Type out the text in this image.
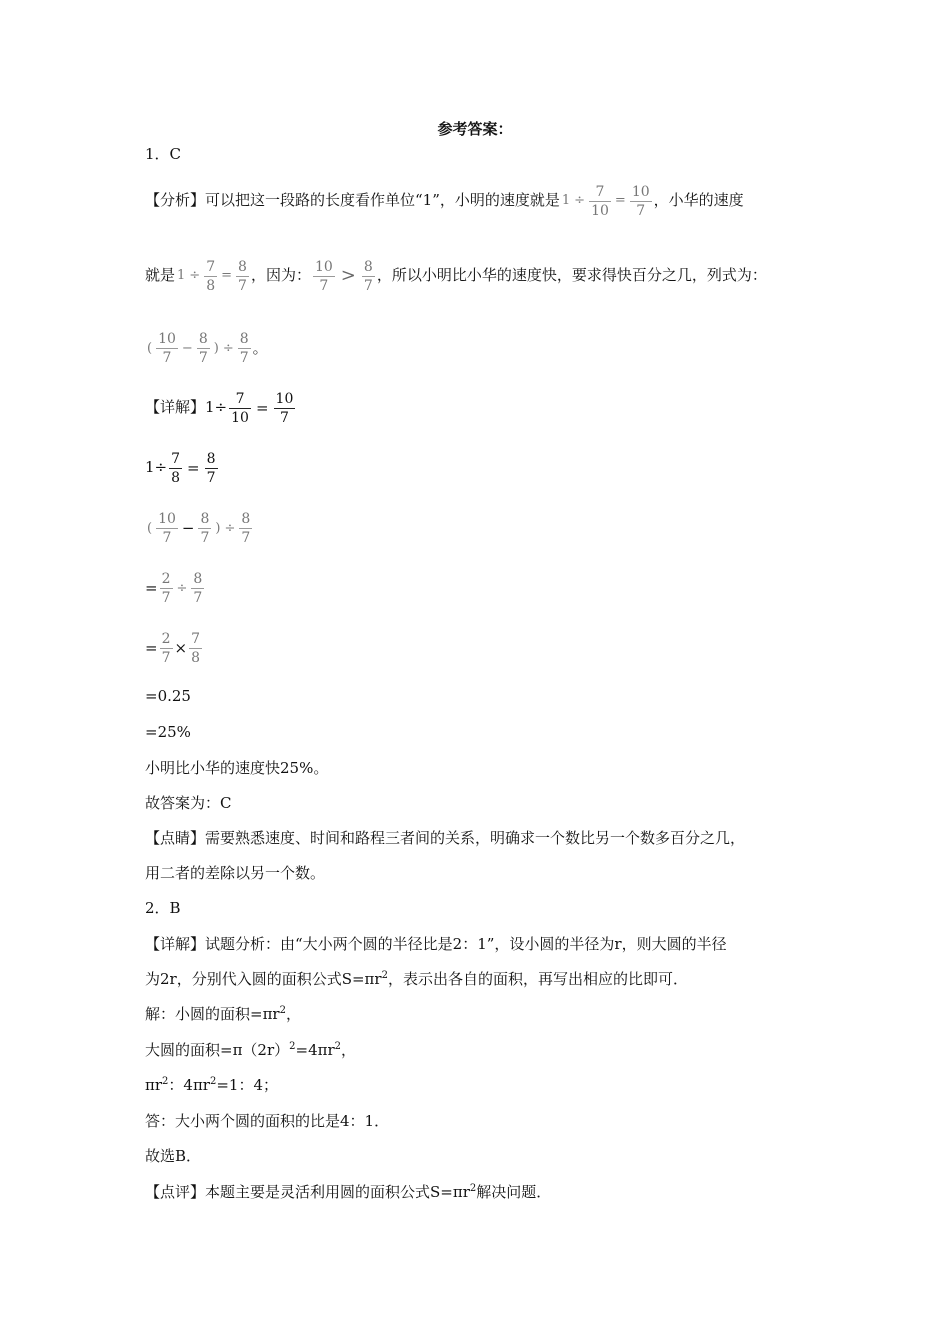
参考答案：
1．C
【分析】可以把这一段路的长度看作单位“1”，小明的速度就是 $1 \div \frac{7}{10} = \frac{10}{7}$ ，小华的速度
就是 $1 \div \frac{7}{8} = \frac{8}{7}$ ，因为： $\frac{10}{7} > \frac{8}{7}$ ，所以小明比小华的速度快，要求得快百分之几，列式为：
( $\frac{10}{7} - \frac{8}{7}$ ) ÷ $\frac{8}{7}$ 。
【详解】$1\div \frac{7}{10} = \frac{10}{7}$
$1\div \frac{7}{8} = \frac{8}{7}$
( $\frac{10}{7} - \frac{8}{7}$ ) ÷ $\frac{8}{7}$
= $\frac{2}{7} \div \frac{8}{7}$
= $\frac{2}{7} \times \frac{7}{8}$
=0.25
=25%
小明比小华的速度快25%。
故答案为：C
【点睛】需要熟悉速度、时间和路程三者间的关系，明确求一个数比另一个数多百分之几，
用二者的差除以另一个数。
2．B
【详解】试题分析：由“大小两个圆的半径比是2：1”，设小圆的半径为r，则大圆的半径
为2r，分别代入圆的面积公式$S=\pi r^2$，表示出各自的面积，再写出相应的比即可．
解：小圆的面积$=\pi r^2$，
大圆的面积$=\pi(2r)^2=4\pi r^2$，
$\pi r^2$：$4\pi r^2=1$：4；
答：大小两个圆的面积的比是4：1．
故选B．
【点评】本题主要是灵活利用圆的面积公式$S=\pi r^2$解决问题．
